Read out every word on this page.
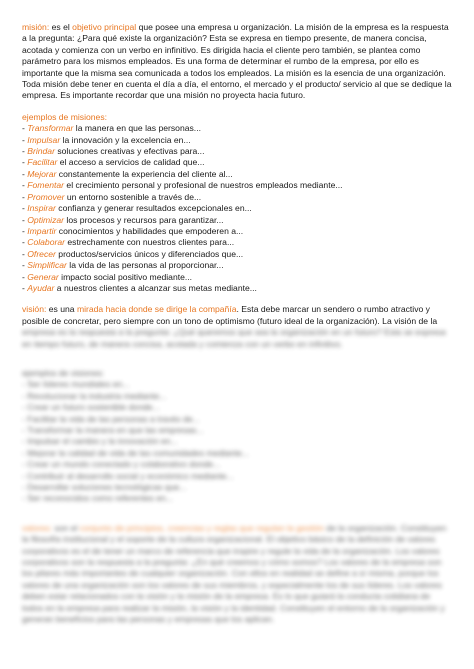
misión: es el objetivo principal que posee una empresa u organización. La misión de la empresa es la respuesta a la pregunta: ¿Para qué existe la organización? Esta se expresa en tiempo presente, de manera concisa, acotada y comienza con un verbo en infinitivo. Es dirigida hacia el cliente pero también, se plantea como parámetro para los mismos empleados. Es una forma de determinar el rumbo de la empresa, por ello es importante que la misma sea comunicada a todos los empleados. La misión es la esencia de una organización. Toda misión debe tener en cuenta el día a día, el entorno, el mercado y el producto/ servicio al que se dedique la empresa. Es importante recordar que una misión no proyecta hacia futuro.

ejemplos de misiones:

- Transformar la manera en que las personas...
- Impulsar la innovación y la excelencia en...
- Brindar soluciones creativas y efectivas para...
- Facilitar el acceso a servicios de calidad que...
- Mejorar constantemente la experiencia del cliente al...
- Fomentar el crecimiento personal y profesional de nuestros empleados mediante...
- Promover un entorno sostenible a través de...
- Inspirar confianza y generar resultados excepcionales en...
- Optimizar los procesos y recursos para garantizar...
- Impartir conocimientos y habilidades que empoderen a...
- Colaborar estrechamente con nuestros clientes para...
- Ofrecer productos/servicios únicos y diferenciados que...
- Simplificar la vida de las personas al proporcionar...
- Generar impacto social positivo mediante...
- Ayudar a nuestros clientes a alcanzar sus metas mediante...

visión: es una mirada hacia donde se dirige la compañía. Esta debe marcar un sendero o rumbo atractivo y posible de concretar, pero siempre con un tono de optimismo (futuro ideal de la organización). La visión de la

empresa es la respuesta a la pregunta: ¿Qué queremos que sea la organización en un futuro? Esta se expresa en tiempo futuro, de manera concisa, acotada y comienza con un verbo en infinitivo.

ejemplos de visiones:

- Ser líderes mundiales en...
- Revolucionar la industria mediante...
- Crear un futuro sostenible donde...
- Facilitar la vida de las personas a través de...
- Transformar la manera en que las empresas...
- Impulsar el cambio y la innovación en...
- Mejorar la calidad de vida de las comunidades mediante...
- Crear un mundo conectado y colaborativo donde...
- Contribuir al desarrollo social y económico mediante...
- Desarrollar soluciones tecnológicas que...
- Ser reconocidos como referentes en...

valores: son el conjunto de principios, creencias y reglas que regulan la gestión de la organización. Constituyen la filosofía institucional y el soporte de la cultura organizacional. El objetivo básico de la definición de valores corporativos es el de tener un marco de referencia que inspire y regule la vida de la organización. Los valores corporativos son la respuesta a la pregunta: ¿En qué creemos y cómo somos? Los valores de la empresa son los pilares más importantes de cualquier organización. Con ellos en realidad se define a sí misma, porque los valores de una organización son los valores de sus miembros, y especialmente los de sus líderes. Los valores deben estar relacionados con la visión y la misión de la empresa. Es lo que guiará la conducta cotidiana de todos en la empresa para realizar la misión, la visión y la identidad. Constituyen el entorno de la organización y generan beneficios para las personas y empresas que los aplican.
